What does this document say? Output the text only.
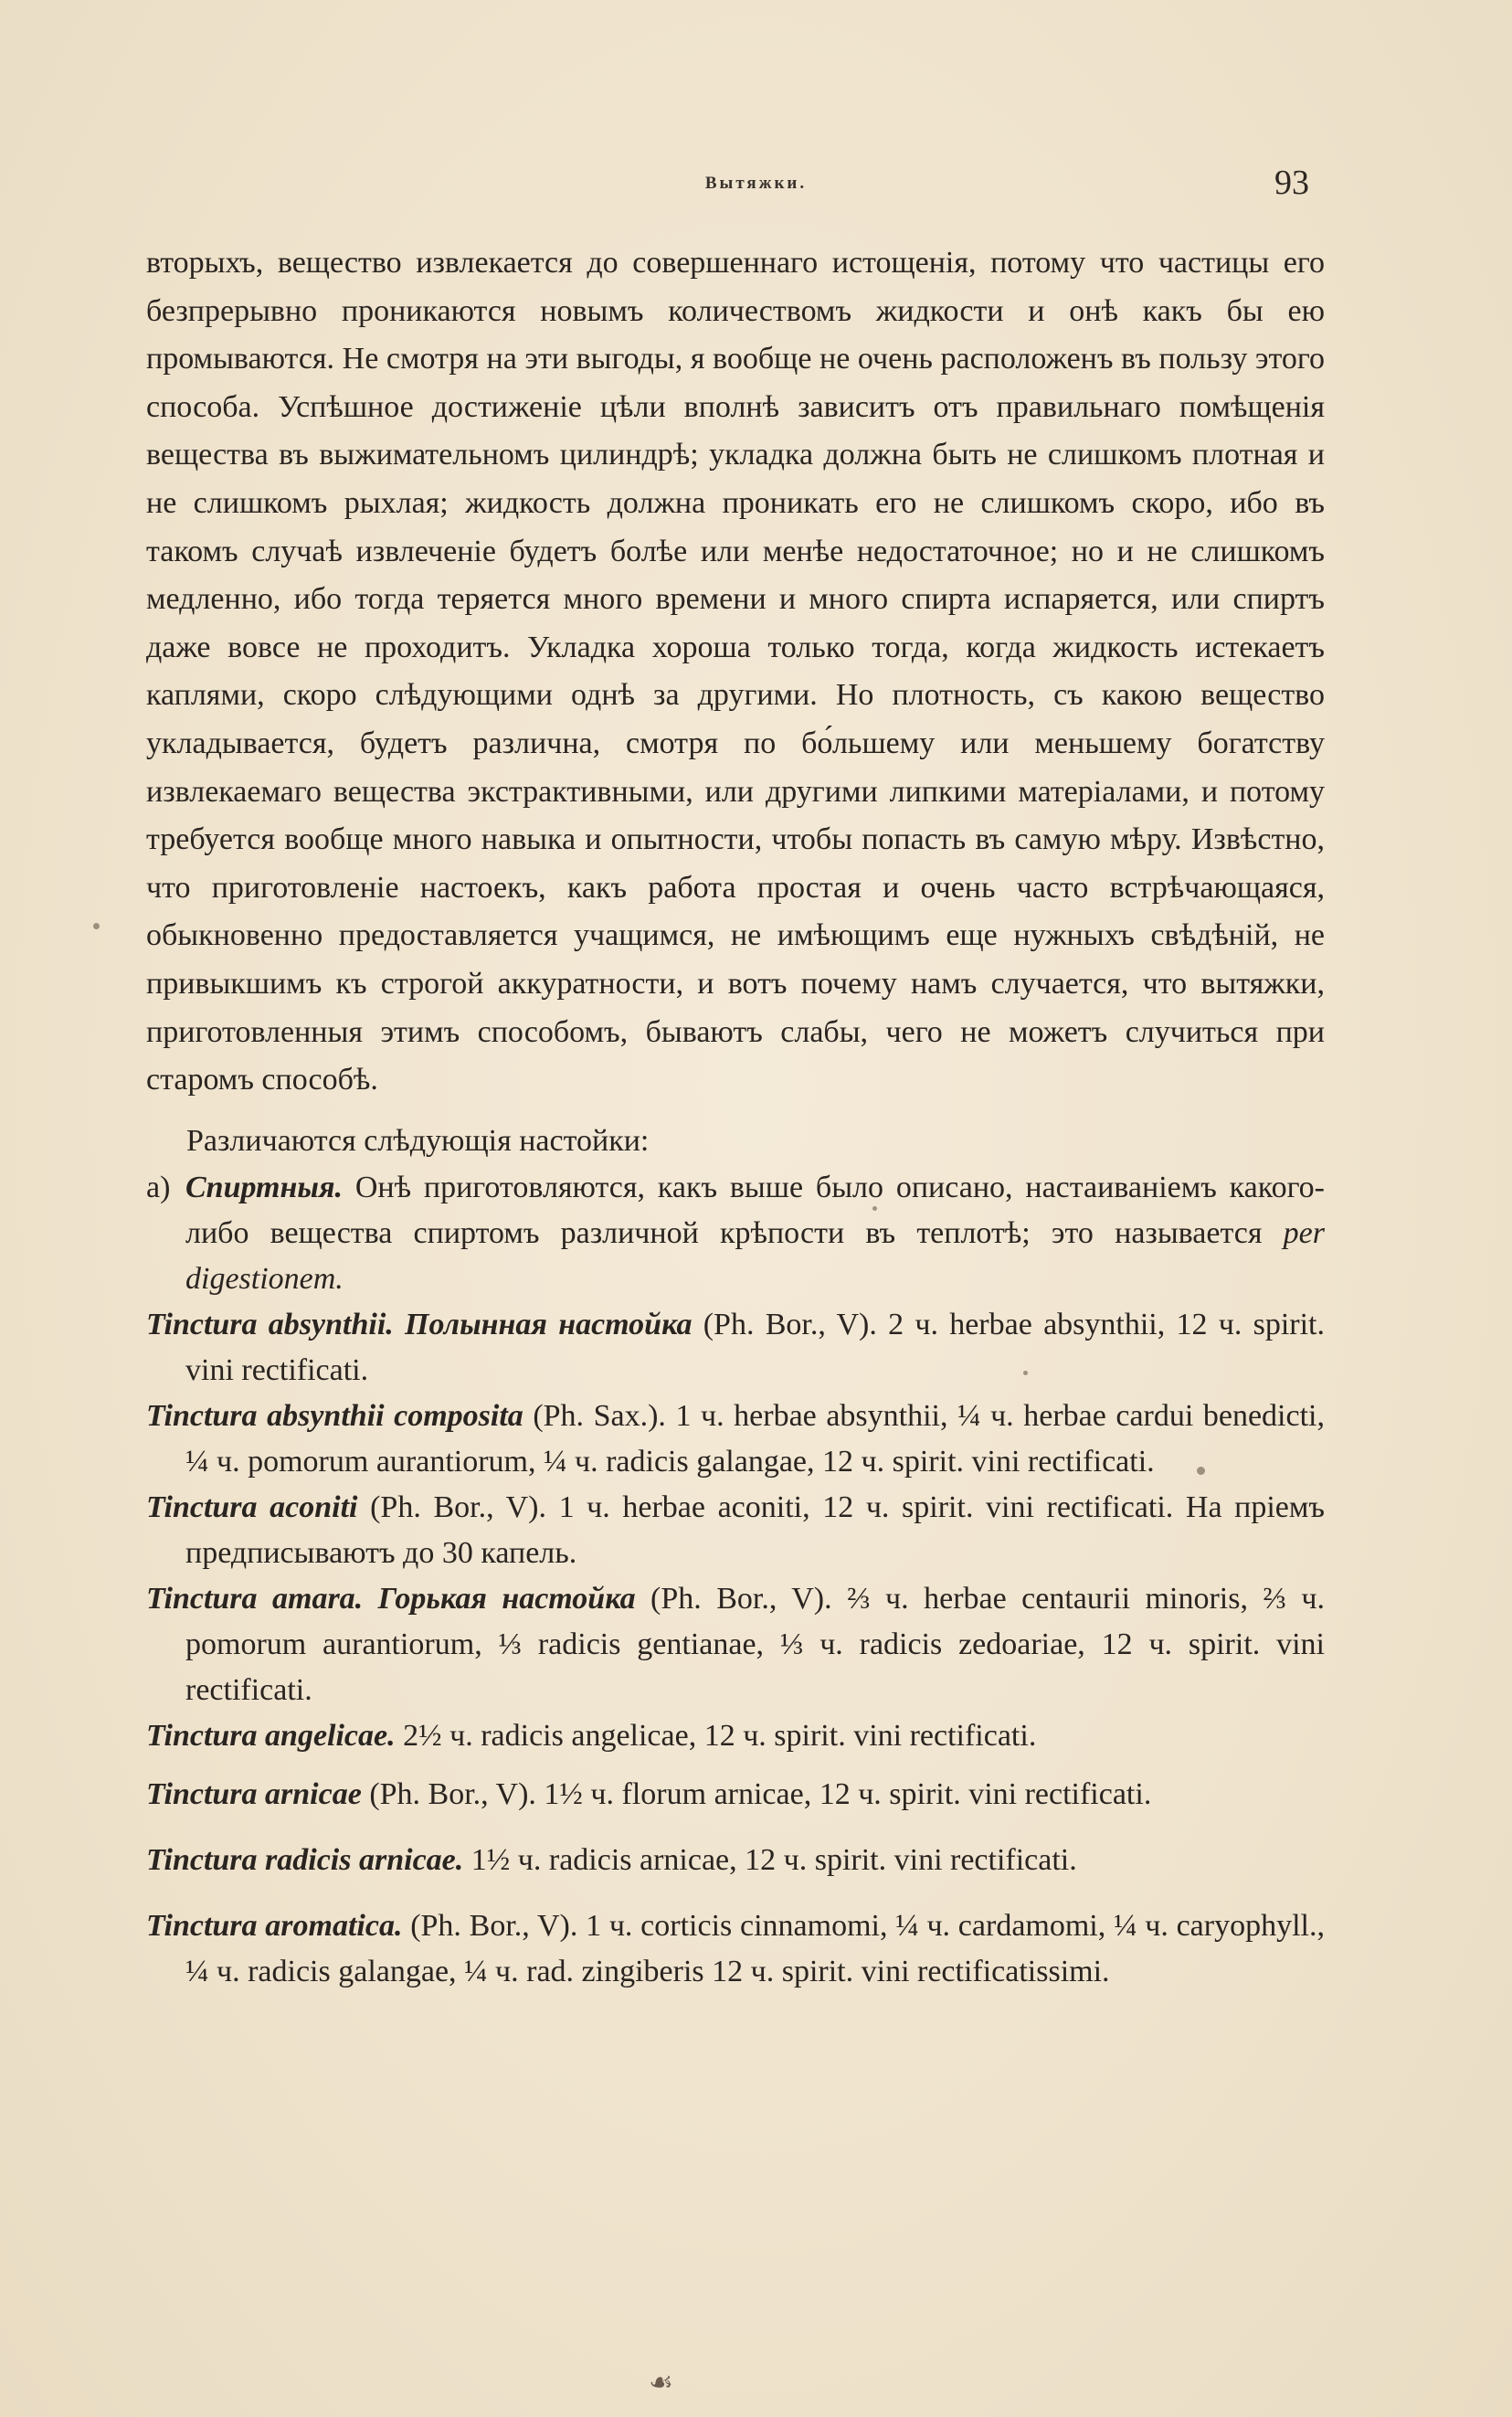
Вытяжки.	93

вторыхъ, вещество извлекается до совершеннаго истощенія, потому что частицы его безпрерывно проникаются новымъ количествомъ жидкости и онѣ какъ бы ею промываются. Не смотря на эти выгоды, я вообще не очень расположенъ въ пользу этого способа. Успѣшное достиженіе цѣли вполнѣ зависитъ отъ правильнаго помѣщенія вещества въ выжимательномъ цилиндрѣ; укладка должна быть не слишкомъ плотная и не слишкомъ рыхлая; жидкость должна проникать его не слишкомъ скоро, ибо въ такомъ случаѣ извлеченіе будетъ болѣе или менѣе недостаточное; но и не слишкомъ медленно, ибо тогда теряется много времени и много спирта испаряется, или спиртъ даже вовсе не проходитъ. Укладка хороша только тогда, когда жидкость истекаетъ каплями, скоро слѣдующими однѣ за другими. Но плотность, съ какою вещество укладывается, будетъ различна, смотря по бо́льшему или меньшему богатству извлекаемаго вещества экстрактивными, или другими липкими матеріалами, и потому требуется вообще много навыка и опытности, чтобы попасть въ самую мѣру. Извѣстно, что приготовленіе настоекъ, какъ работа простая и очень часто встрѣчающаяся, обыкновенно предоставляется учащимся, не имѣющимъ еще нужныхъ свѣдѣній, не привыкшимъ къ строгой аккуратности, и вотъ почему намъ случается, что вытяжки, приготовленныя этимъ способомъ, бываютъ слабы, чего не можетъ случиться при старомъ способѣ.

Различаются слѣдующія настойки:

а) Спиртныя. Онѣ приготовляются, какъ выше было описано, настаиваніемъ какого-либо вещества спиртомъ различной крѣпости въ теплотѣ; это называется per digestionem.

Tinctura absynthii. Полынная настойка (Ph. Bor., V). 2 ч. herbae absynthii, 12 ч. spirit. vini rectificati.

Tinctura absynthii composita (Ph. Sax.). 1 ч. herbae absynthii, ¼ ч. herbae cardui benedicti, ¼ ч. pomorum aurantiorum, ¼ ч. radicis galangae, 12 ч. spirit. vini rectificati.

Tinctura aconiti (Ph. Bor., V). 1 ч. herbae aconiti, 12 ч. spirit. vini rectificati. На пріемъ предписываютъ до 30 капель.

Tinctura amara. Горькая настойка (Ph. Bor., V). ⅔ ч. herbae centaurii minoris, ⅔ ч. pomorum aurantiorum, ⅓ radicis gentianae, ⅓ ч. radicis zedoariae, 12 ч. spirit. vini rectificati.

Tinctura angelicae. 2½ ч. radicis angelicae, 12 ч. spirit. vini rectificati.

Tinctura arnicae (Ph. Bor., V). 1½ ч. florum arnicae, 12 ч. spirit. vini rectificati.

Tinctura radicis arnicae. 1½ ч. radicis arnicae, 12 ч. spirit. vini rectificati.

Tinctura aromatica. (Ph. Bor., V). 1 ч. corticis cinnamomi, ¼ ч. cardamomi, ¼ ч. caryophyll., ¼ ч. radicis galangae, ¼ ч. rad. zingiberis 12 ч. spirit. vini rectificatissimi.

☙
